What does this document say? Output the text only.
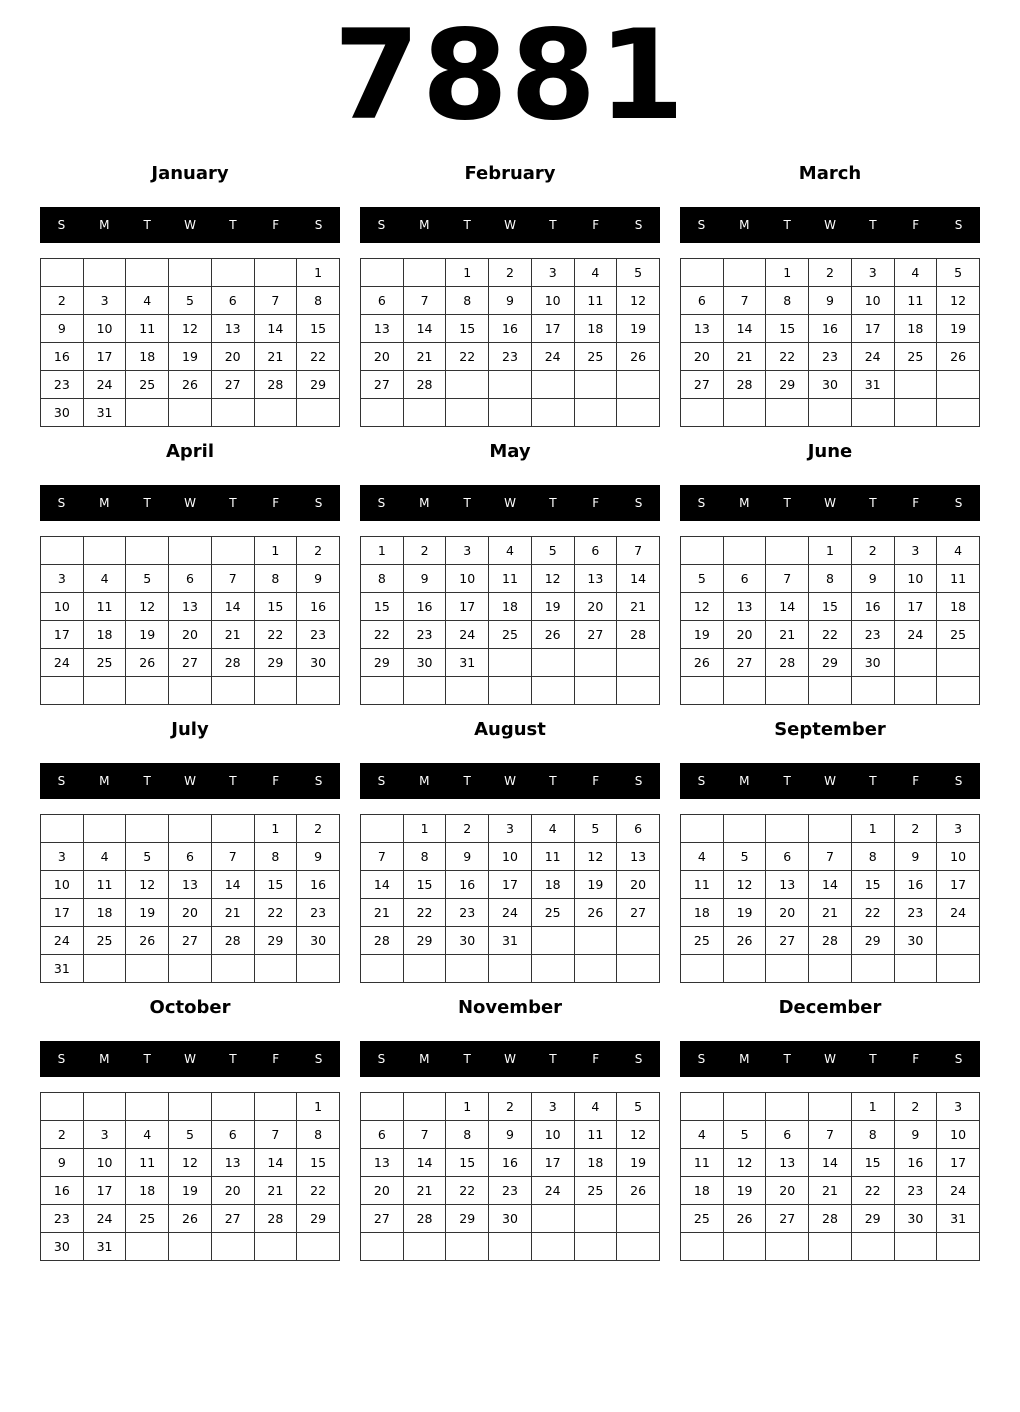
7881
January
S	M	T	W	T	F	S
						1
2	3	4	5	6	7	8
9	10	11	12	13	14	15
16	17	18	19	20	21	22
23	24	25	26	27	28	29
30	31					
February
S	M	T	W	T	F	S
		1	2	3	4	5
6	7	8	9	10	11	12
13	14	15	16	17	18	19
20	21	22	23	24	25	26
27	28					

March
S	M	T	W	T	F	S
		1	2	3	4	5
6	7	8	9	10	11	12
13	14	15	16	17	18	19
20	21	22	23	24	25	26
27	28	29	30	31		

April
S	M	T	W	T	F	S
					1	2
3	4	5	6	7	8	9
10	11	12	13	14	15	16
17	18	19	20	21	22	23
24	25	26	27	28	29	30

May
S	M	T	W	T	F	S
1	2	3	4	5	6	7
8	9	10	11	12	13	14
15	16	17	18	19	20	21
22	23	24	25	26	27	28
29	30	31				

June
S	M	T	W	T	F	S
			1	2	3	4
5	6	7	8	9	10	11
12	13	14	15	16	17	18
19	20	21	22	23	24	25
26	27	28	29	30		

July
S	M	T	W	T	F	S
					1	2
3	4	5	6	7	8	9
10	11	12	13	14	15	16
17	18	19	20	21	22	23
24	25	26	27	28	29	30
31						
August
S	M	T	W	T	F	S
	1	2	3	4	5	6
7	8	9	10	11	12	13
14	15	16	17	18	19	20
21	22	23	24	25	26	27
28	29	30	31			

September
S	M	T	W	T	F	S
				1	2	3
4	5	6	7	8	9	10
11	12	13	14	15	16	17
18	19	20	21	22	23	24
25	26	27	28	29	30	

October
S	M	T	W	T	F	S
						1
2	3	4	5	6	7	8
9	10	11	12	13	14	15
16	17	18	19	20	21	22
23	24	25	26	27	28	29
30	31					
November
S	M	T	W	T	F	S
		1	2	3	4	5
6	7	8	9	10	11	12
13	14	15	16	17	18	19
20	21	22	23	24	25	26
27	28	29	30			

December
S	M	T	W	T	F	S
				1	2	3
4	5	6	7	8	9	10
11	12	13	14	15	16	17
18	19	20	21	22	23	24
25	26	27	28	29	30	31
